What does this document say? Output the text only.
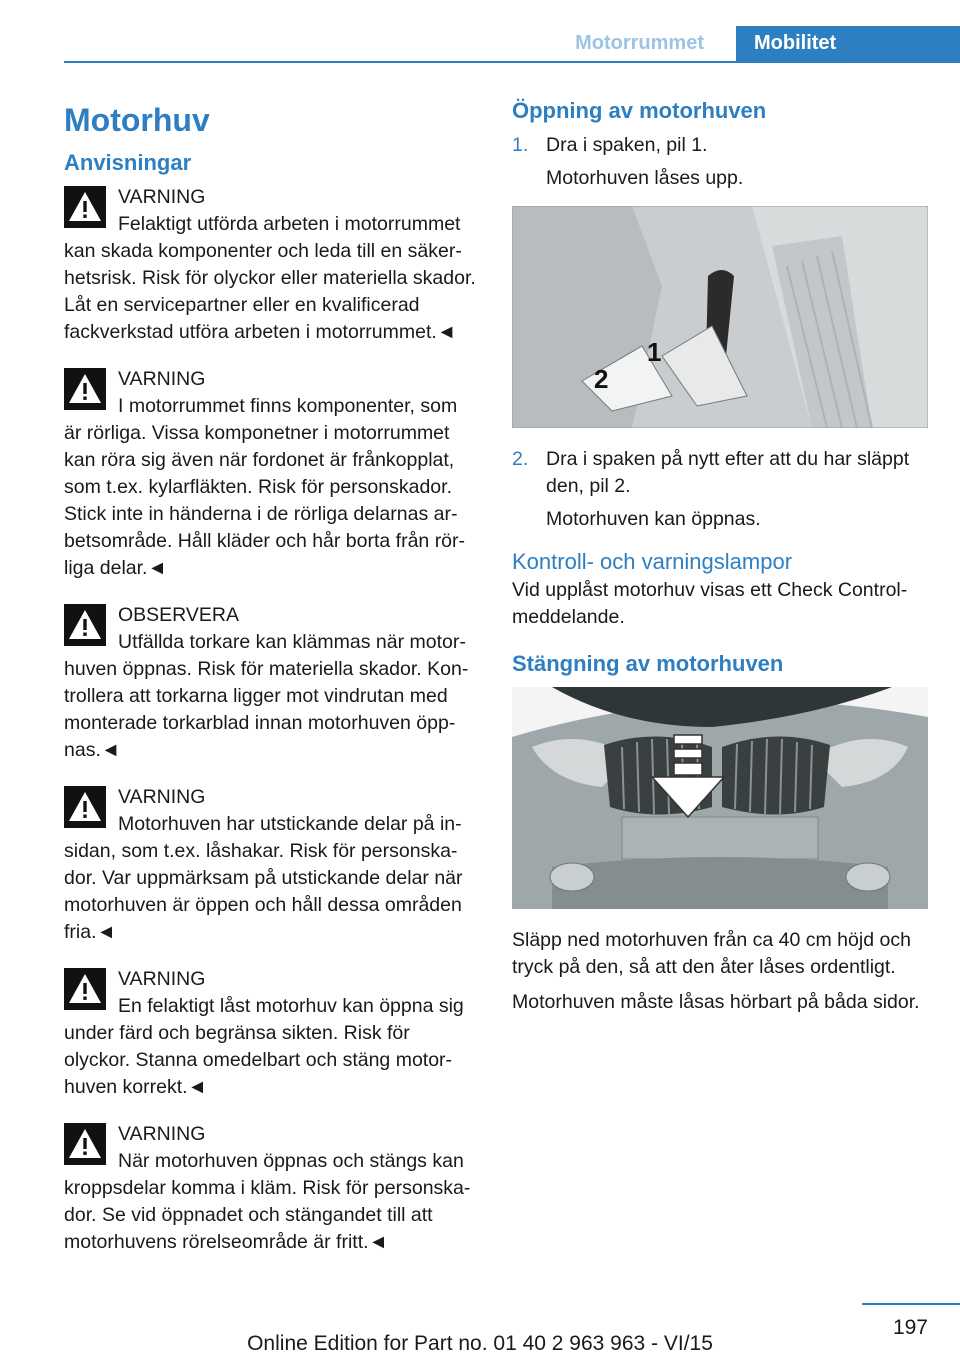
Motorrummet	Mobilitet
Motorhuv
Anvisningar

VARNING

Felaktigt utförda arbeten i motorrummet kan skada komponenter och leda till en säkerhetsrisk. Risk för olyckor eller materiella skador. Låt en servicepartner eller en kvalificerad fackverkstad utföra arbeten i motorrummet.◄

VARNING

I motorrummet finns komponenter, som är rörliga. Vissa komponetner i motorrummet kan röra sig även när fordonet är frånkopplat, som t.ex. kylarfläkten. Risk för personskador. Stick inte in händerna i de rörliga delarnas arbetsområde. Håll kläder och hår borta från rörliga delar.◄

OBSERVERA

Utfällda torkare kan klämmas när motorhuven öppnas. Risk för materiella skador. Kontrollera att torkarna ligger mot vindrutan med monterade torkarblad innan motorhuven öppnas.◄

VARNING

Motorhuven har utstickande delar på insidan, som t.ex. låshakar. Risk för personskador. Var uppmärksam på utstickande delar när motorhuven är öppen och håll dessa områden fria.◄

VARNING

En felaktigt låst motorhuv kan öppna sig under färd och begränsa sikten. Risk för olyckor. Stanna omedelbart och stäng motorhuven korrekt.◄

VARNING

När motorhuven öppnas och stängs kan kroppsdelar komma i kläm. Risk för personskador. Se vid öppnadet och stängandet till att motorhuvens rörelseområde är fritt.◄

Öppning av motorhuven
1. Dra i spaken, pil 1.

Motorhuven låses upp.

1
2
2. Dra i spaken på nytt efter att du har släppt den, pil 2.

Motorhuven kan öppnas.

Kontroll- och varningslampor

Vid upplåst motorhuv visas ett Check Control-meddelande.

Stängning av motorhuven

Släpp ned motorhuven från ca 40 cm höjd och tryck på den, så att den åter låses ordentligt.

Motorhuven måste låsas hörbart på båda sidor.

197
Online Edition for Part no. 01 40 2 963 963 - VI/15
